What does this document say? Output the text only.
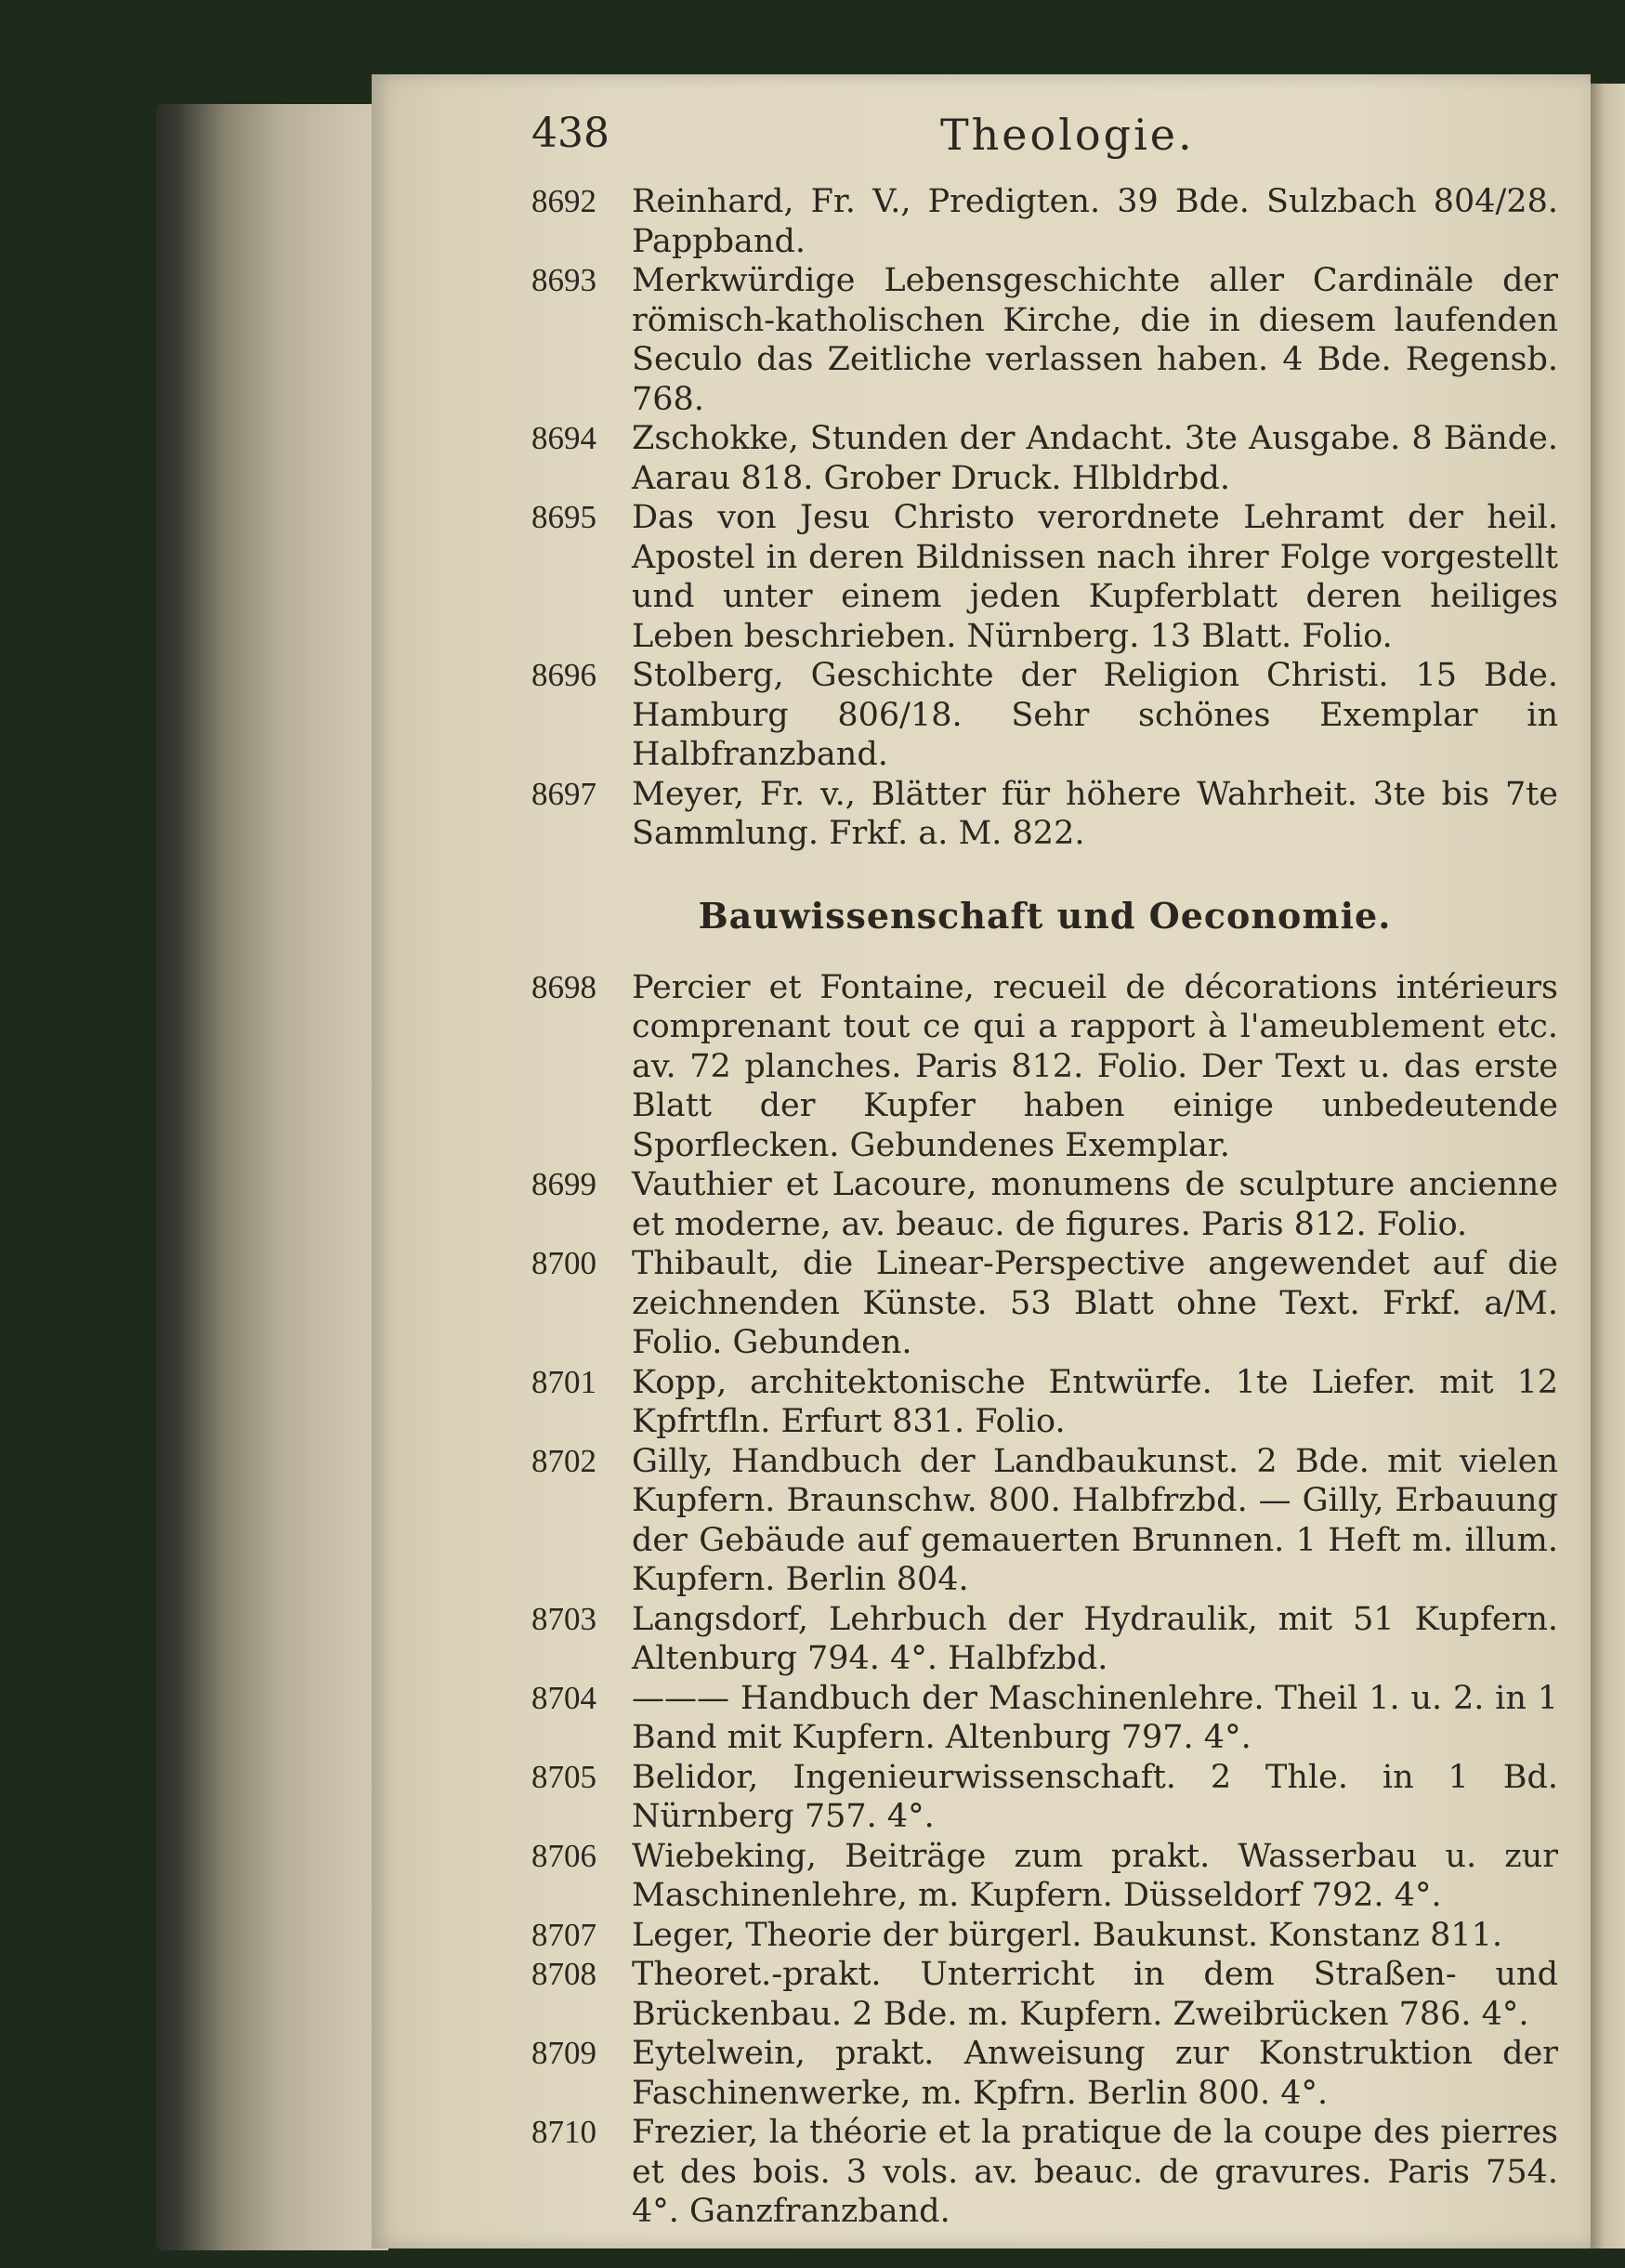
438	Theologie.
8692	Reinhard, Fr. V., Predigten. 39 Bde. Sulzbach 804/28. Pappband.
8693	Merkwürdige Lebensgeschichte aller Cardinäle der römisch-katholischen Kirche, die in diesem laufenden Seculo das Zeitliche verlassen haben. 4 Bde. Regensb. 768.
8694	Zschokke, Stunden der Andacht. 3te Ausgabe. 8 Bände. Aarau 818. Grober Druck. Hlbldrbd.
8695	Das von Jesu Christo verordnete Lehramt der heil. Apostel in deren Bildnissen nach ihrer Folge vorgestellt und unter einem jeden Kupferblatt deren heiliges Leben beschrieben. Nürnberg. 13 Blatt. Folio.
8696	Stolberg, Geschichte der Religion Christi. 15 Bde. Hamburg 806/18. Sehr schönes Exemplar in Halbfranzband.
8697	Meyer, Fr. v., Blätter für höhere Wahrheit. 3te bis 7te Sammlung. Frkf. a. M. 822.
Bauwissenschaft und Oeconomie.
8698	Percier et Fontaine, recueil de décorations intérieurs comprenant tout ce qui a rapport à l'ameublement etc. av. 72 planches. Paris 812. Folio. Der Text u. das erste Blatt der Kupfer haben einige unbedeutende Sporflecken. Gebundenes Exemplar.
8699	Vauthier et Lacoure, monumens de sculpture ancienne et moderne, av. beauc. de figures. Paris 812. Folio.
8700	Thibault, die Linear-Perspective angewendet auf die zeichnenden Künste. 53 Blatt ohne Text. Frkf. a/M. Folio. Gebunden.
8701	Kopp, architektonische Entwürfe. 1te Liefer. mit 12 Kpfrtfln. Erfurt 831. Folio.
8702	Gilly, Handbuch der Landbaukunst. 2 Bde. mit vielen Kupfern. Braunschw. 800. Halbfrzbd. — Gilly, Erbauung der Gebäude auf gemauerten Brunnen. 1 Heft m. illum. Kupfern. Berlin 804.
8703	Langsdorf, Lehrbuch der Hydraulik, mit 51 Kupfern. Altenburg 794. 4°. Halbfzbd.
8704	——— Handbuch der Maschinenlehre. Theil 1. u. 2. in 1 Band mit Kupfern. Altenburg 797. 4°.
8705	Belidor, Ingenieurwissenschaft. 2 Thle. in 1 Bd. Nürnberg 757. 4°.
8706	Wiebeking, Beiträge zum prakt. Wasserbau u. zur Maschinenlehre, m. Kupfern. Düsseldorf 792. 4°.
8707	Leger, Theorie der bürgerl. Baukunst. Konstanz 811.
8708	Theoret.-prakt. Unterricht in dem Straßen- und Brückenbau. 2 Bde. m. Kupfern. Zweibrücken 786. 4°.
8709	Eytelwein, prakt. Anweisung zur Konstruktion der Faschinenwerke, m. Kpfrn. Berlin 800. 4°.
8710	Frezier, la théorie et la pratique de la coupe des pierres et des bois. 3 vols. av. beauc. de gravures. Paris 754. 4°. Ganzfranzband.
